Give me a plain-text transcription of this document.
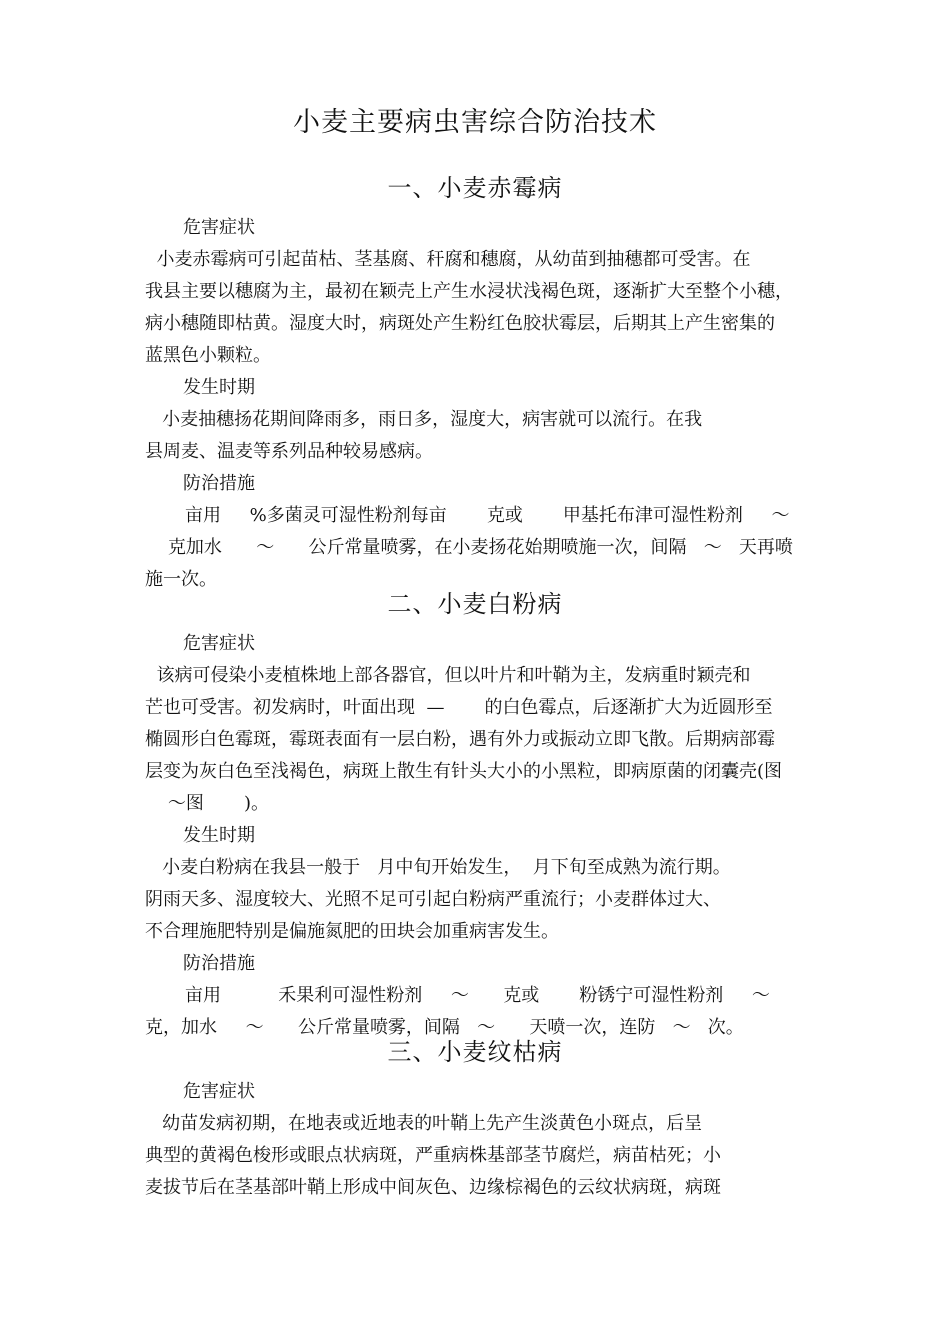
小麦主要病虫害综合防治技术
一、小麦赤霉病
危害症状
小麦赤霉病可引起苗枯、茎基腐、秆腐和穗腐，从幼苗到抽穗都可受害。在
我县主要以穗腐为主，最初在颖壳上产生水浸状浅褐色斑，逐渐扩大至整个小穗，
病小穗随即枯黄。湿度大时，病斑处产生粉红色胶状霉层，后期其上产生密集的
蓝黑色小颗粒。
发生时期
小麦抽穗扬花期间降雨多，雨日多，湿度大，病害就可以流行。在我
县周麦、温麦等系列品种较易感病。
防治措施
亩用     %多菌灵可湿性粉剂每亩       克或       甲基托布津可湿性粉剂     ～
克加水      ～      公斤常量喷雾，在小麦扬花始期喷施一次，间隔   ～   天再喷
施一次。
二、小麦白粉病
危害症状
该病可侵染小麦植株地上部各器官，但以叶片和叶鞘为主，发病重时颖壳和
芒也可受害。初发病时，叶面出现  —       的白色霉点，后逐渐扩大为近圆形至
椭圆形白色霉斑，霉斑表面有一层白粉，遇有外力或振动立即飞散。后期病部霉
层变为灰白色至浅褐色，病斑上散生有针头大小的小黑粒，即病原菌的闭囊壳(图
～图       )。
发生时期
小麦白粉病在我县一般于   月中旬开始发生，  月下旬至成熟为流行期。
阴雨天多、湿度较大、光照不足可引起白粉病严重流行；小麦群体过大、
不合理施肥特别是偏施氮肥的田块会加重病害发生。
防治措施
亩用          禾果利可湿性粉剂     ～      克或       粉锈宁可湿性粉剂     ～
克，加水     ～      公斤常量喷雾，间隔   ～      天喷一次，连防   ～   次。
三、小麦纹枯病
危害症状
幼苗发病初期，在地表或近地表的叶鞘上先产生淡黄色小斑点，后呈
典型的黄褐色梭形或眼点状病斑，严重病株基部茎节腐烂，病苗枯死；小
麦拔节后在茎基部叶鞘上形成中间灰色、边缘棕褐色的云纹状病斑，病斑
